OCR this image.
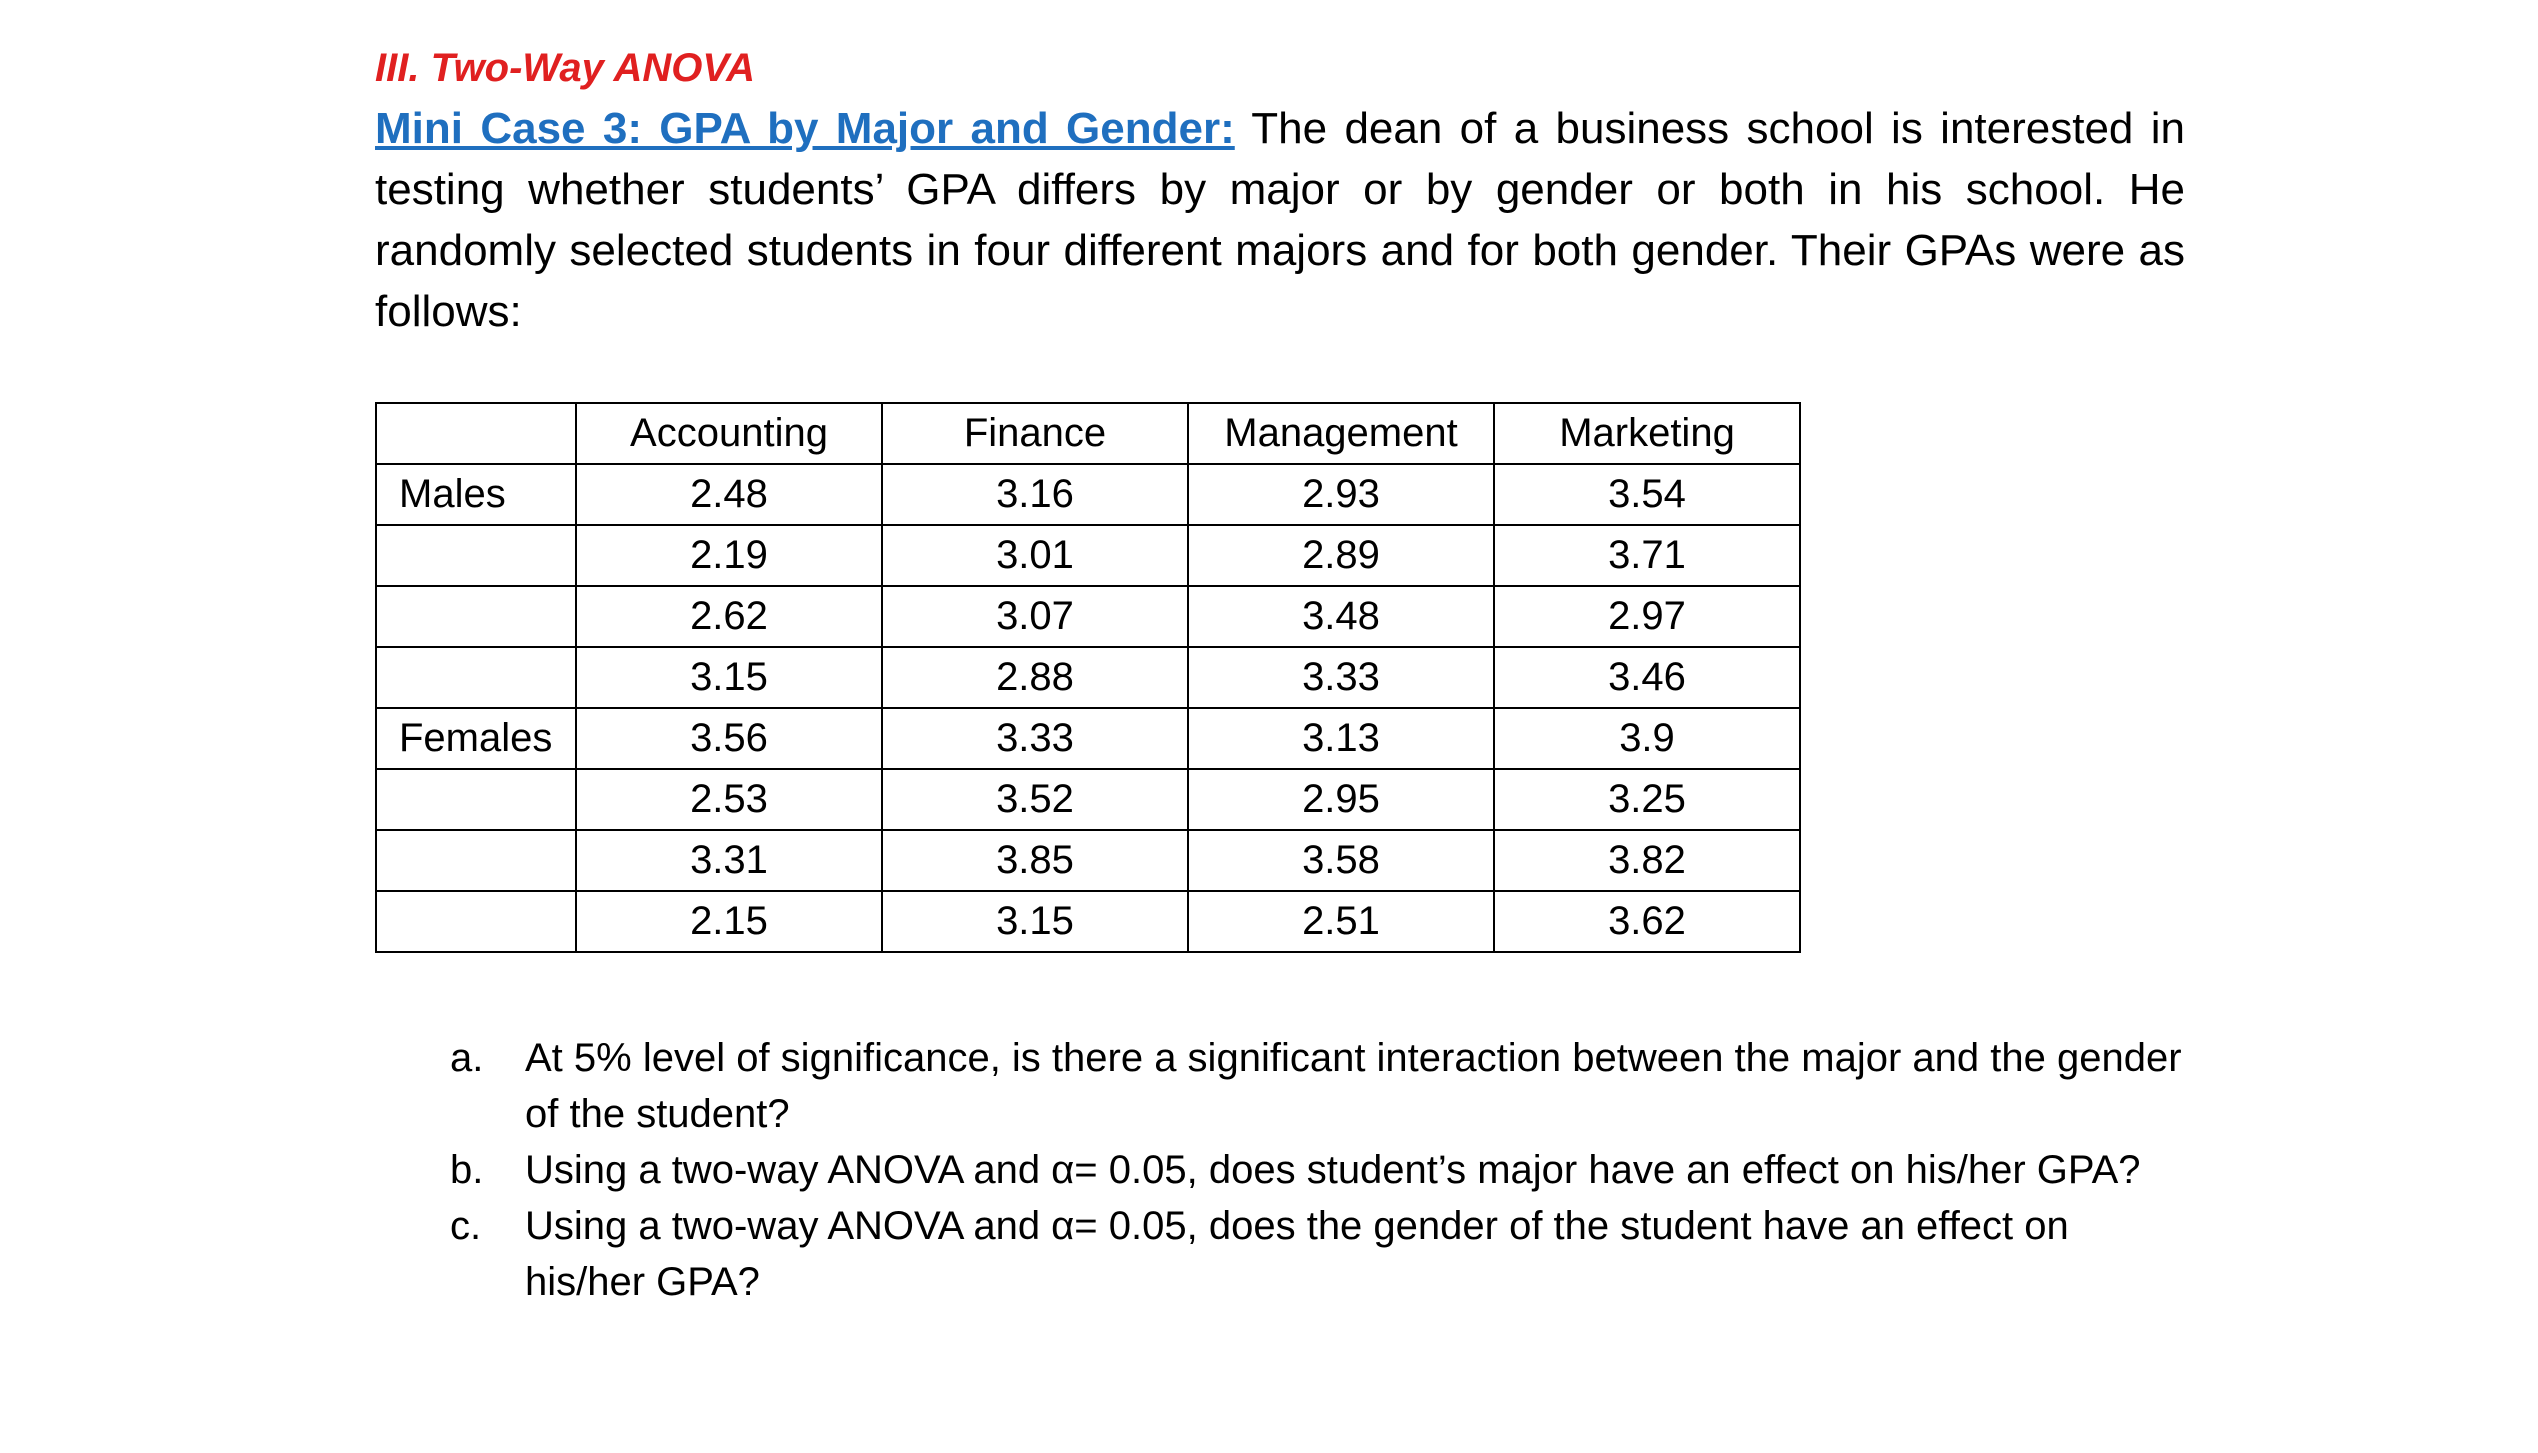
III. Two-Way ANOVA

Mini Case 3: GPA by Major and Gender: The dean of a business school is interested in testing whether students’ GPA differs by major or by gender or both in his school. He randomly selected students in four different majors and for both gender. Their GPAs were as follows:

	Accounting	Finance	Management	Marketing
Males	2.48	3.16	2.93	3.54
	2.19	3.01	2.89	3.71
	2.62	3.07	3.48	2.97
	3.15	2.88	3.33	3.46
Females	3.56	3.33	3.13	3.9
	2.53	3.52	2.95	3.25
	3.31	3.85	3.58	3.82
	2.15	3.15	2.51	3.62
a.	At 5% level of significance, is there a significant interaction between the major and the gender of the student?
b.	Using a two-way ANOVA and α= 0.05, does student’s major have an effect on his/her GPA?
c.	Using a two-way ANOVA and α= 0.05, does the gender of the student have an effect on his/her GPA?
